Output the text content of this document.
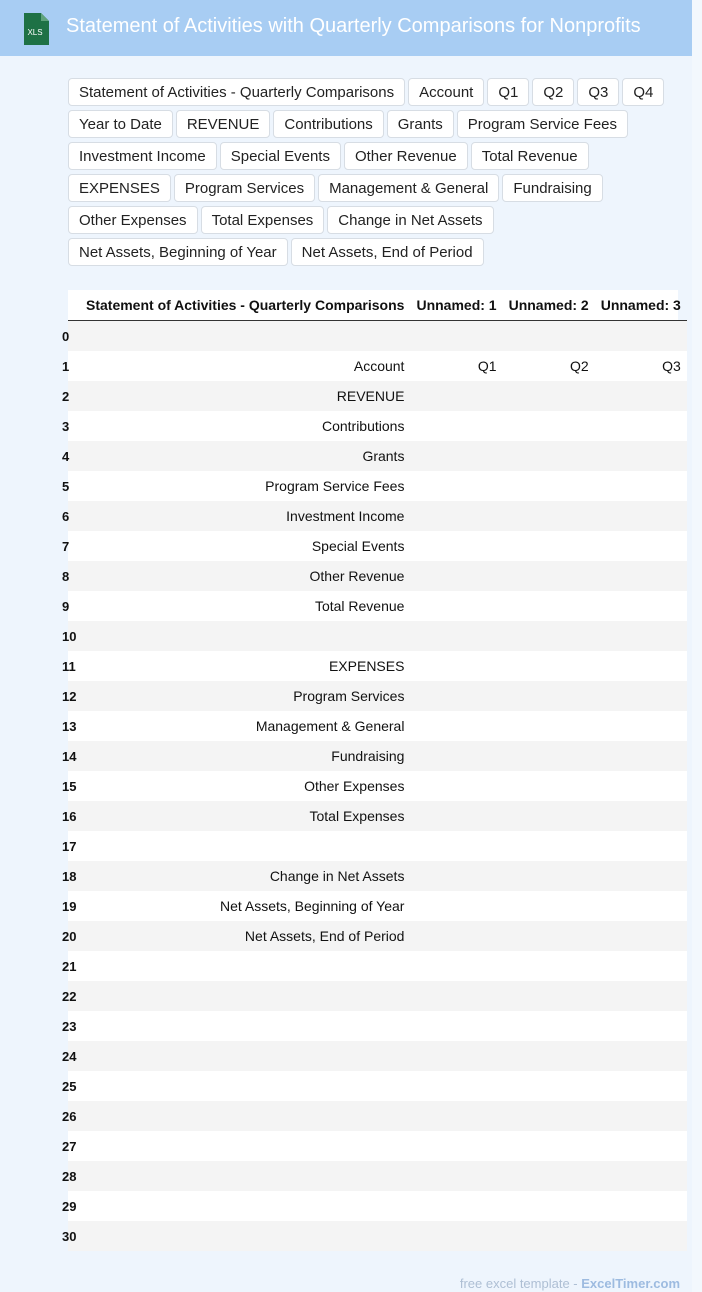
XLS Statement of Activities with Quarterly Comparisons for Nonprofits
Statement of Activities - Quarterly Comparisons	Account	Q1	Q2	Q3	Q4
Year to Date	REVENUE	Contributions	Grants	Program Service Fees
Investment Income	Special Events	Other Revenue	Total Revenue
EXPENSES	Program Services	Management & General	Fundraising
Other Expenses	Total Expenses	Change in Net Assets
Net Assets, Beginning of Year	Net Assets, End of Period
	Statement of Activities - Quarterly Comparisons	Unnamed: 1	Unnamed: 2	Unnamed: 3
0				
1	Account	Q1	Q2	Q3
2	REVENUE			
3	Contributions			
4	Grants			
5	Program Service Fees			
6	Investment Income			
7	Special Events			
8	Other Revenue			
9	Total Revenue			
10				
11	EXPENSES			
12	Program Services			
13	Management & General			
14	Fundraising			
15	Other Expenses			
16	Total Expenses			
17				
18	Change in Net Assets			
19	Net Assets, Beginning of Year			
20	Net Assets, End of Period			
21				
22				
23				
24				
25				
26				
27				
28				
29				
30				
free excel template - ExcelTimer.com
